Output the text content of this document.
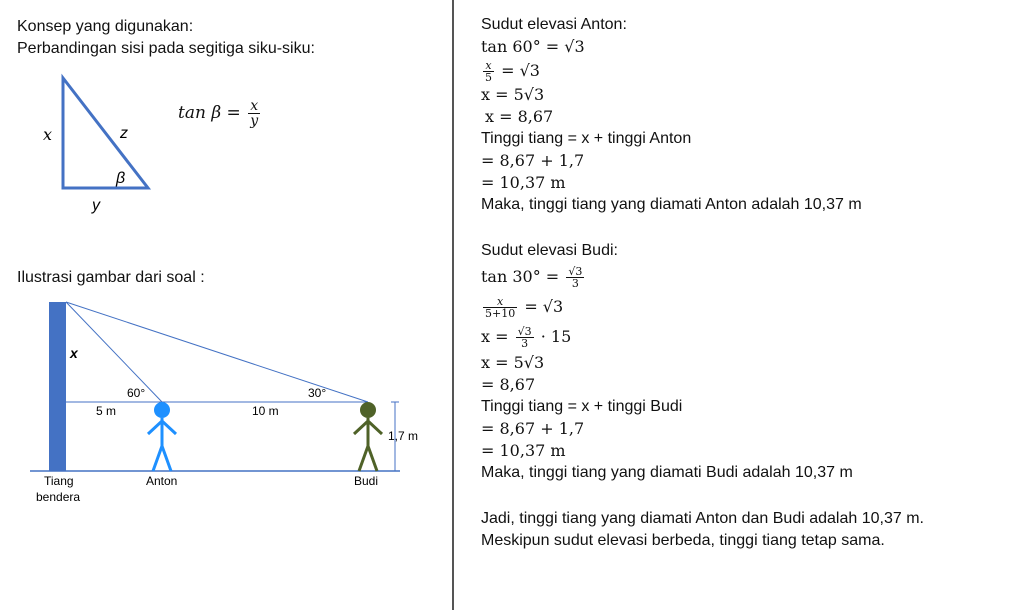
Konsep yang digunakan:
Perbandingan sisi pada segitiga siku-siku:
x	z
y
β
$\tan \beta = \frac{x}{y}$
Ilustrasi gambar dari soal :
x
60°	30°
5 m	10 m
1,7 m
Tiang
bendera
Anton	Budi
Sudut elevasi Anton:
tan 60° = √3
$\frac{x}{5} = √3$
x = 5√3
x = 8,67
Tinggi tiang = x + tinggi Anton
= 8,67 + 1,7
= 10,37 m
Maka, tinggi tiang yang diamati Anton adalah 10,37 m
Sudut elevasi Budi:
$\tan 30^\circ = \frac{√3}{3}$
$\frac{x}{5+10} = √3$
$x = \frac{√3}{3} \cdot 15$
x = 5√3
= 8,67
Tinggi tiang = x + tinggi Budi
= 8,67 + 1,7
= 10,37 m
Maka, tinggi tiang yang diamati Budi adalah 10,37 m
Jadi, tinggi tiang yang diamati Anton dan Budi adalah 10,37 m.
Meskipun sudut elevasi berbeda, tinggi tiang tetap sama.
